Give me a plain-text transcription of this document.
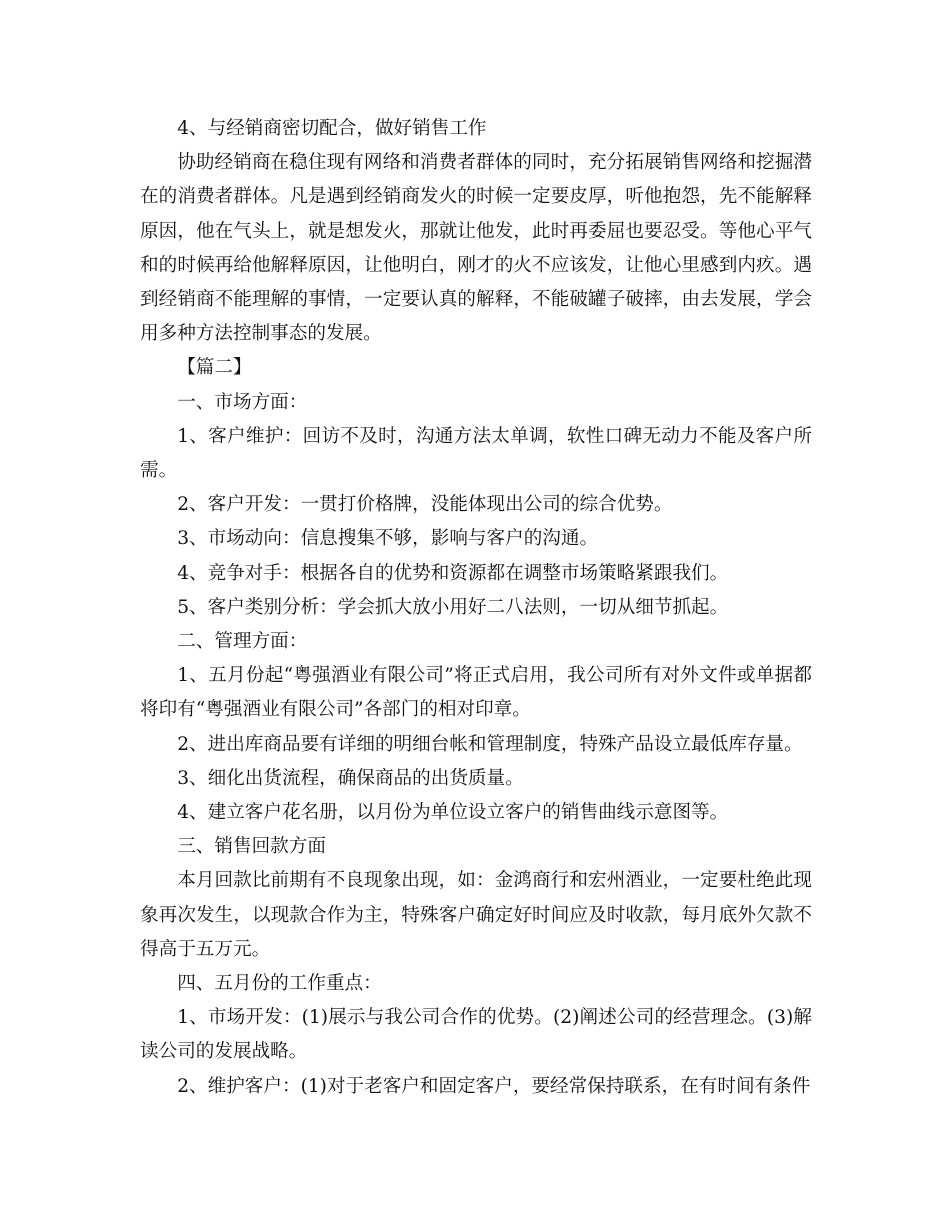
4、与经销商密切配合，做好销售工作

协助经销商在稳住现有网络和消费者群体的同时，充分拓展销售网络和挖掘潜在的消费者群体。凡是遇到经销商发火的时候一定要皮厚，听他抱怨，先不能解释原因，他在气头上，就是想发火，那就让他发，此时再委屈也要忍受。等他心平气和的时候再给他解释原因，让他明白，刚才的火不应该发，让他心里感到内疚。遇到经销商不能理解的事情，一定要认真的解释，不能破罐子破摔，由去发展，学会用多种方法控制事态的发展。

【篇二】

一、市场方面：

1、客户维护：回访不及时，沟通方法太单调，软性口碑无动力不能及客户所需。

2、客户开发：一贯打价格牌，没能体现出公司的综合优势。

3、市场动向：信息搜集不够，影响与客户的沟通。

4、竞争对手：根据各自的优势和资源都在调整市场策略紧跟我们。

5、客户类别分析：学会抓大放小用好二八法则，一切从细节抓起。

二、管理方面：

1、五月份起“粤强酒业有限公司”将正式启用，我公司所有对外文件或单据都将印有“粤强酒业有限公司”各部门的相对印章。

2、进出库商品要有详细的明细台帐和管理制度，特殊产品设立最低库存量。

3、细化出货流程，确保商品的出货质量。

4、建立客户花名册，以月份为单位设立客户的销售曲线示意图等。

三、销售回款方面

本月回款比前期有不良现象出现，如：金鸿商行和宏州酒业，一定要杜绝此现象再次发生，以现款合作为主，特殊客户确定好时间应及时收款，每月底外欠款不得高于五万元。

四、五月份的工作重点：

1、市场开发：(1)展示与我公司合作的优势。(2)阐述公司的经营理念。(3)解读公司的发展战略。

2、维护客户：(1)对于老客户和固定客户，要经常保持联系，在有时间有条件
